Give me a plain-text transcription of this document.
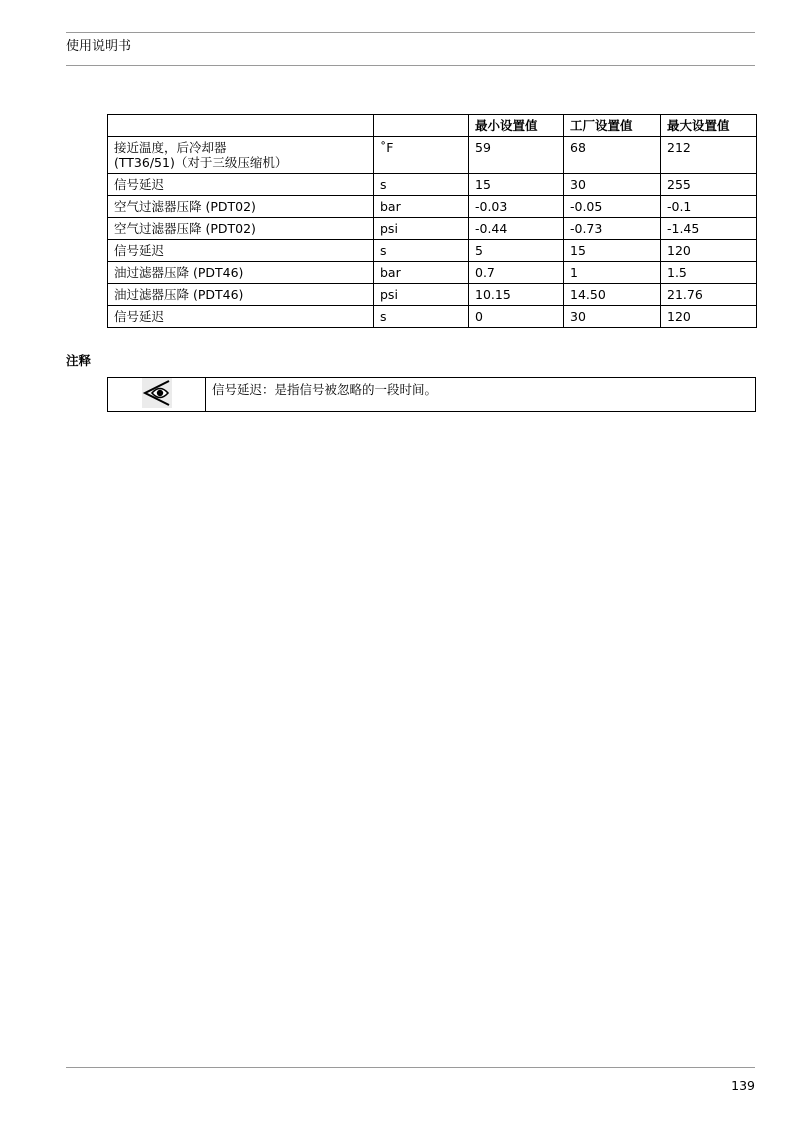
使用说明书
		最小设置值	工厂设置值	最大设置值
接近温度，后冷却器
(TT36/51)（对于三级压缩机）	˚F	59	68	212
信号延迟	s	15	30	255
空气过滤器压降 (PDT02)	bar	-0.03	-0.05	-0.1
空气过滤器压降 (PDT02)	psi	-0.44	-0.73	-1.45
信号延迟	s	5	15	120
油过滤器压降 (PDT46)	bar	0.7	1	1.5
油过滤器压降 (PDT46)	psi	10.15	14.50	21.76
信号延迟	s	0	30	120
注释
	信号延迟：是指信号被忽略的一段时间。
139
